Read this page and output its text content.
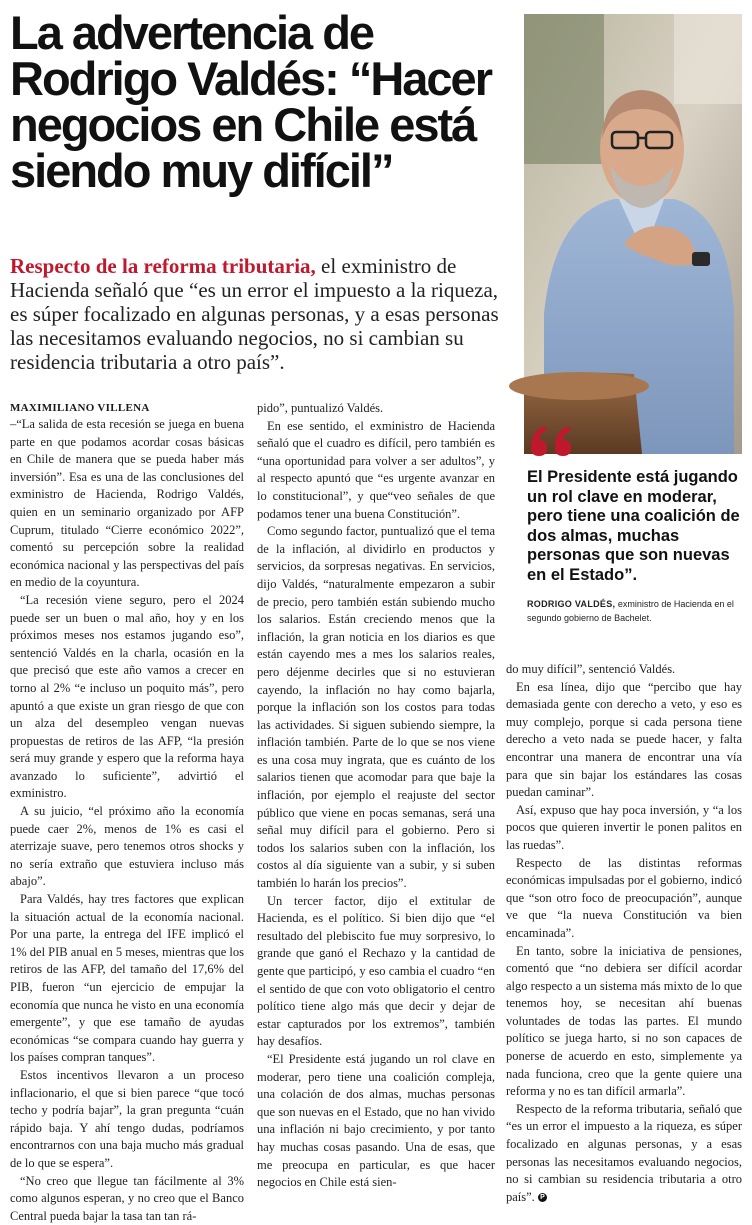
La advertencia de Rodrigo Valdés: “Hacer negocios en Chile está siendo muy difícil”

Respecto de la reforma tributaria, el exministro de Hacienda señaló que “es un error el impuesto a la riqueza, es súper focalizado en algunas personas, y a esas personas las necesitamos evaluando negocios, no si cambian su residencia tributaria a otro país”.

El Presidente está jugando un rol clave en moderar, pero tiene una coalición de dos almas, muchas personas que son nuevas en el Estado”.

RODRIGO VALDÉS, exministro de Hacienda en el segundo gobierno de Bachelet.

MAXIMILIANO VILLENA

–“La salida de esta recesión se juega en buena parte en que podamos acordar cosas básicas en Chile de manera que se pueda haber más inversión”. Esa es una de las conclusiones del exministro de Hacienda, Rodrigo Valdés, quien en un seminario organizado por AFP Cuprum, titulado “Cierre económico 2022”, comentó su percepción sobre la realidad económica nacional y las perspectivas del país en medio de la coyuntura.

“La recesión viene seguro, pero el 2024 puede ser un buen o mal año, hoy y en los próximos meses nos estamos jugando eso”, sentenció Valdés en la charla, ocasión en la que precisó que este año vamos a crecer en torno al 2% “e incluso un poquito más”, pero apuntó a que existe un gran riesgo de que con un alza del desempleo vengan nuevas propuestas de retiros de las AFP, “la presión será muy grande y espero que la reforma haya avanzado lo suficiente”, advirtió el exministro.

A su juicio, “el próximo año la economía puede caer 2%, menos de 1% es casi el aterrizaje suave, pero tenemos otros shocks y no sería extraño que estuviera incluso más abajo”.

Para Valdés, hay tres factores que explican la situación actual de la economía nacional. Por una parte, la entrega del IFE implicó el 1% del PIB anual en 5 meses, mientras que los retiros de las AFP, del tamaño del 17,6% del PIB, fueron “un ejercicio de empujar la economía que nunca he visto en una economía emergente”, y que ese tamaño de ayudas económicas “se compara cuando hay guerra y los países compran tanques”.

Estos incentivos llevaron a un proceso inflacionario, el que si bien parece “que tocó techo y podría bajar”, la gran pregunta “cuán rápido baja. Y ahí tengo dudas, podríamos encontrarnos con una baja mucho más gradual de lo que se espera”.

“No creo que llegue tan fácilmente al 3% como algunos esperan, y no creo que el Banco Central pueda bajar la tasa tan tan rá-

pido”, puntualizó Valdés.

En ese sentido, el exministro de Hacienda señaló que el cuadro es difícil, pero también es “una oportunidad para volver a ser adultos”, y al respecto apuntó que “es urgente avanzar en lo constitucional”, y que“veo señales de que podamos tener una buena Constitución”.

Como segundo factor, puntualizó que el tema de la inflación, al dividirlo en productos y servicios, da sorpresas negativas. En servicios, dijo Valdés, “naturalmente empezaron a subir de precio, pero también están subiendo mucho los salarios. Están creciendo menos que la inflación, la gran noticia en los diarios es que están cayendo mes a mes los salarios reales, pero déjenme decirles que si no estuvieran cayendo, la inflación no hay como bajarla, porque la inflación son los costos para todas las actividades. Si siguen subiendo siempre, la inflación también. Parte de lo que se nos viene es una cosa muy ingrata, que es cuánto de los salarios tienen que acomodar para que baje la inflación, por ejemplo el reajuste del sector público que viene en pocas semanas, será una señal muy difícil para el gobierno. Pero si todos los salarios suben con la inflación, los costos al día siguiente van a subir, y si suben también lo harán los precios”.

Un tercer factor, dijo el extitular de Hacienda, es el político. Si bien dijo que “el resultado del plebiscito fue muy sorpresivo, lo grande que ganó el Rechazo y la cantidad de gente que participó, y eso cambia el cuadro “en el sentido de que con voto obligatorio el centro político tiene algo más que decir y dejar de estar capturados por los extremos”, también hay desafíos.

“El Presidente está jugando un rol clave en moderar, pero tiene una coalición compleja, una colación de dos almas, muchas personas que son nuevas en el Estado, que no han vivido una inflación ni bajo crecimiento, y por tanto hay muchas cosas pasando. Una de esas, que me preocupa en particular, es que hacer negocios en Chile está sien-

do muy difícil”, sentenció Valdés.

En esa línea, dijo que “percibo que hay demasiada gente con derecho a veto, y eso es muy complejo, porque si cada persona tiene derecho a veto nada se puede hacer, y falta encontrar una manera de encontrar una vía para que sin bajar los estándares las cosas puedan caminar”.

Así, expuso que hay poca inversión, y “a los pocos que quieren invertir le ponen palitos en las ruedas”.

Respecto de las distintas reformas económicas impulsadas por el gobierno, indicó que “son otro foco de preocupación”, aunque ve que “la nueva Constitución va bien encaminada”.

En tanto, sobre la iniciativa de pensiones, comentó que “no debiera ser difícil acordar algo respecto a un sistema más mixto de lo que tenemos hoy, se necesitan ahí buenas voluntades de todas las partes. El mundo político se juega harto, si no son capaces de ponerse de acuerdo en esto, simplemente ya nada funciona, creo que la gente quiere una reforma y no es tan difícil armarla”.

Respecto de la reforma tributaria, señaló que “es un error el impuesto a la riqueza, es súper focalizado en algunas personas, y a esas personas las necesitamos evaluando negocios, no si cambian su residencia tributaria a otro país”. P
